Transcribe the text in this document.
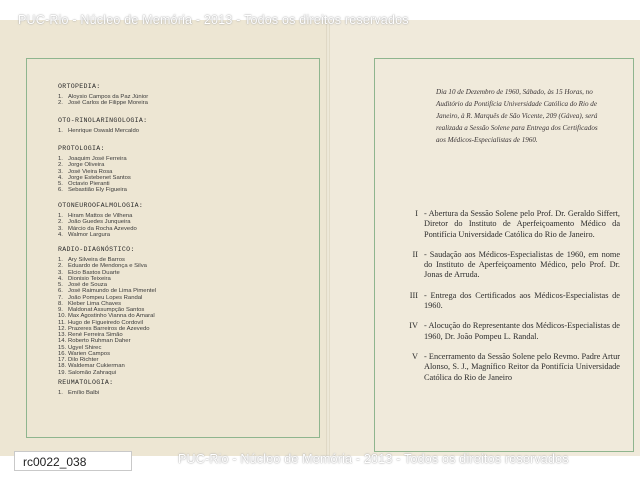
PUC-Rio - Núcleo de Memória - 2013 - Todos os direitos reservados
PUC-Rio - Núcleo de Memória - 2013 - Todos os direitos reservados
ORTOPEDIA:
1. Aloysio Campos da Paz Júnior
2. José Carlos de Filippe Moreira
OTO-RINOLARINGOLOGIA:
1. Henrique Oswald Mercaldo
PROTOLOGIA:
1. Joaquim José Ferreira
2. Jorge Oliveira
3. José Vieira Rosa
4. Jorge Estebenet Santos
5. Octavio Pieranti
6. Sebastião Ely Figueira
OTONEUROOFALMOLOGIA:
1. Hiram Mattos de Vilhena
2. João Guedes Junqueira
3. Márcio da Rocha Azevedo
4. Walmor Largura
RADIO-DIAGNÓSTICO:
1. Ary Silveira de Barros
2. Eduardo de Mendonça e Silva
3. Elcio Bastos Duarte
4. Dionisio Teixeira
5. José de Souza
6. José Raimundo de Lima Pimentel
7. João Pompeu Lopes Randal
8. Kleber Lima Chaves
9. Maldonat Assumpção Santos
10. Max Agostinho Vianna do Amaral
11. Hugo de Figueiredo Cordovil
12. Prazeres Barreiros de Azevedo
13. René Ferreira Simão
14. Roberto Ruhman Daher
15. Ugyel Shirec
16. Warien Campos
17. Dilo Richter
18. Waldemar Cukierman
19. Salomão Zahraqui
REUMATOLOGIA:
1. Emílio Balbi

Dia 10 de Dezembro de 1960, Sábado, às 15 Horas, no Auditório da Pontifícia Universidade Católica do Rio de Janeiro, à R. Marquês de São Vicente, 209 (Gávea), será realizada a Sessão Solene para Entrega dos Certificados aos Médicos-Especialistas de 1960.

I - Abertura da Sessão Solene pelo Prof. Dr. Geraldo Siffert, Diretor do Instituto de Aperfeiçoamento Médico da Pontifícia Universidade Católica do Rio de Janeiro.
II - Saudação aos Médicos-Especialistas de 1960, em nome do Instituto de Aperfeiçoamento Médico, pelo Prof. Dr. Jonas de Arruda.
III - Entrega dos Certificados aos Médicos-Especialistas de 1960.
IV - Alocução do Representante dos Médicos-Especialistas de 1960, Dr. João Pompeu L. Randal.
V - Encerramento da Sessão Solene pelo Revmo. Padre Artur Alonso, S. J., Magnífico Reitor da Pontifícia Universidade Católica do Rio de Janeiro
rc0022_038
